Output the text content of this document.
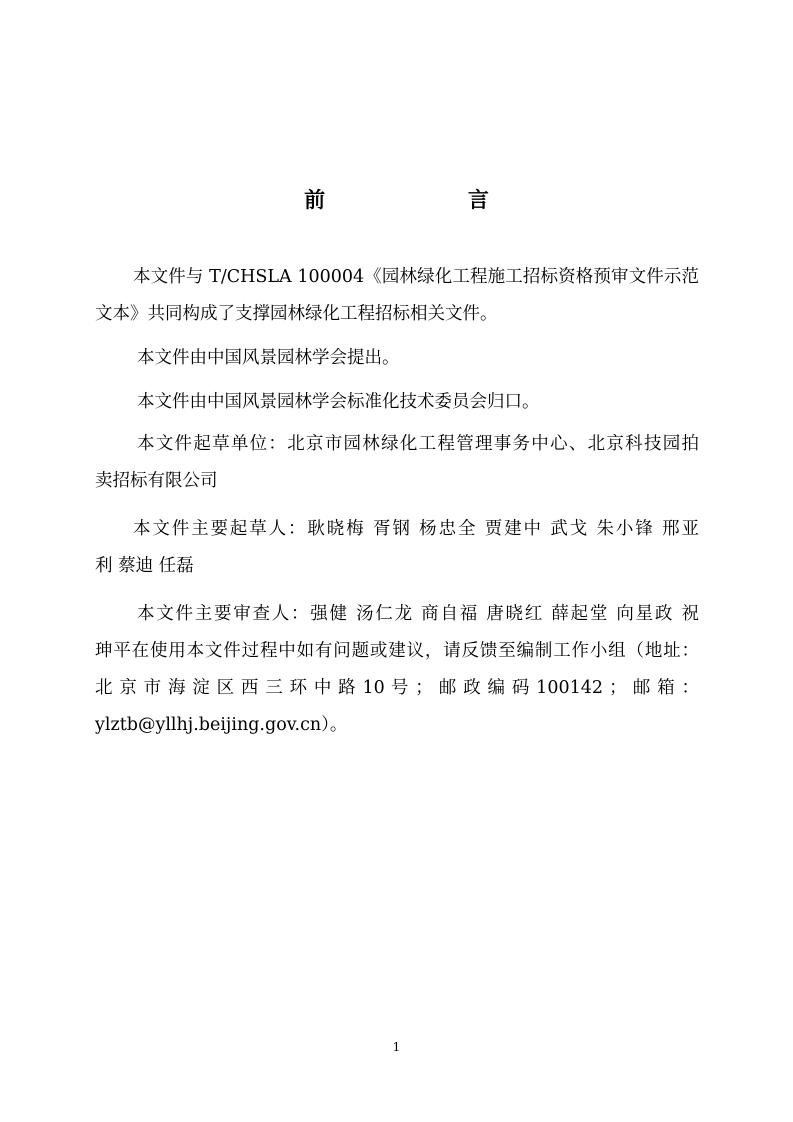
前　　言
本文件与 T/CHSLA 100004《园林绿化工程施工招标资格预审文件示范
文本》共同构成了支撑园林绿化工程招标相关文件。
本文件由中国风景园林学会提出。
本文件由中国风景园林学会标准化技术委员会归口。
本文件起草单位：北京市园林绿化工程管理事务中心、北京科技园拍
卖招标有限公司
本文件主要起草人：耿晓梅 胥钢 杨忠全 贾建中 武戈 朱小锋 邢亚
利 蔡迪 任磊
本文件主要审查人：强健 汤仁龙 商自福 唐晓红 薛起堂 向星政 祝
珅平在使用本文件过程中如有问题或建议，请反馈至编制工作小组（地址：
北 京 市 海 淀 区 西 三 环 中 路 10 号 ； 邮 政 编 码 100142 ； 邮 箱 ：
ylztb@yllhj.beijing.gov.cn）。
1
